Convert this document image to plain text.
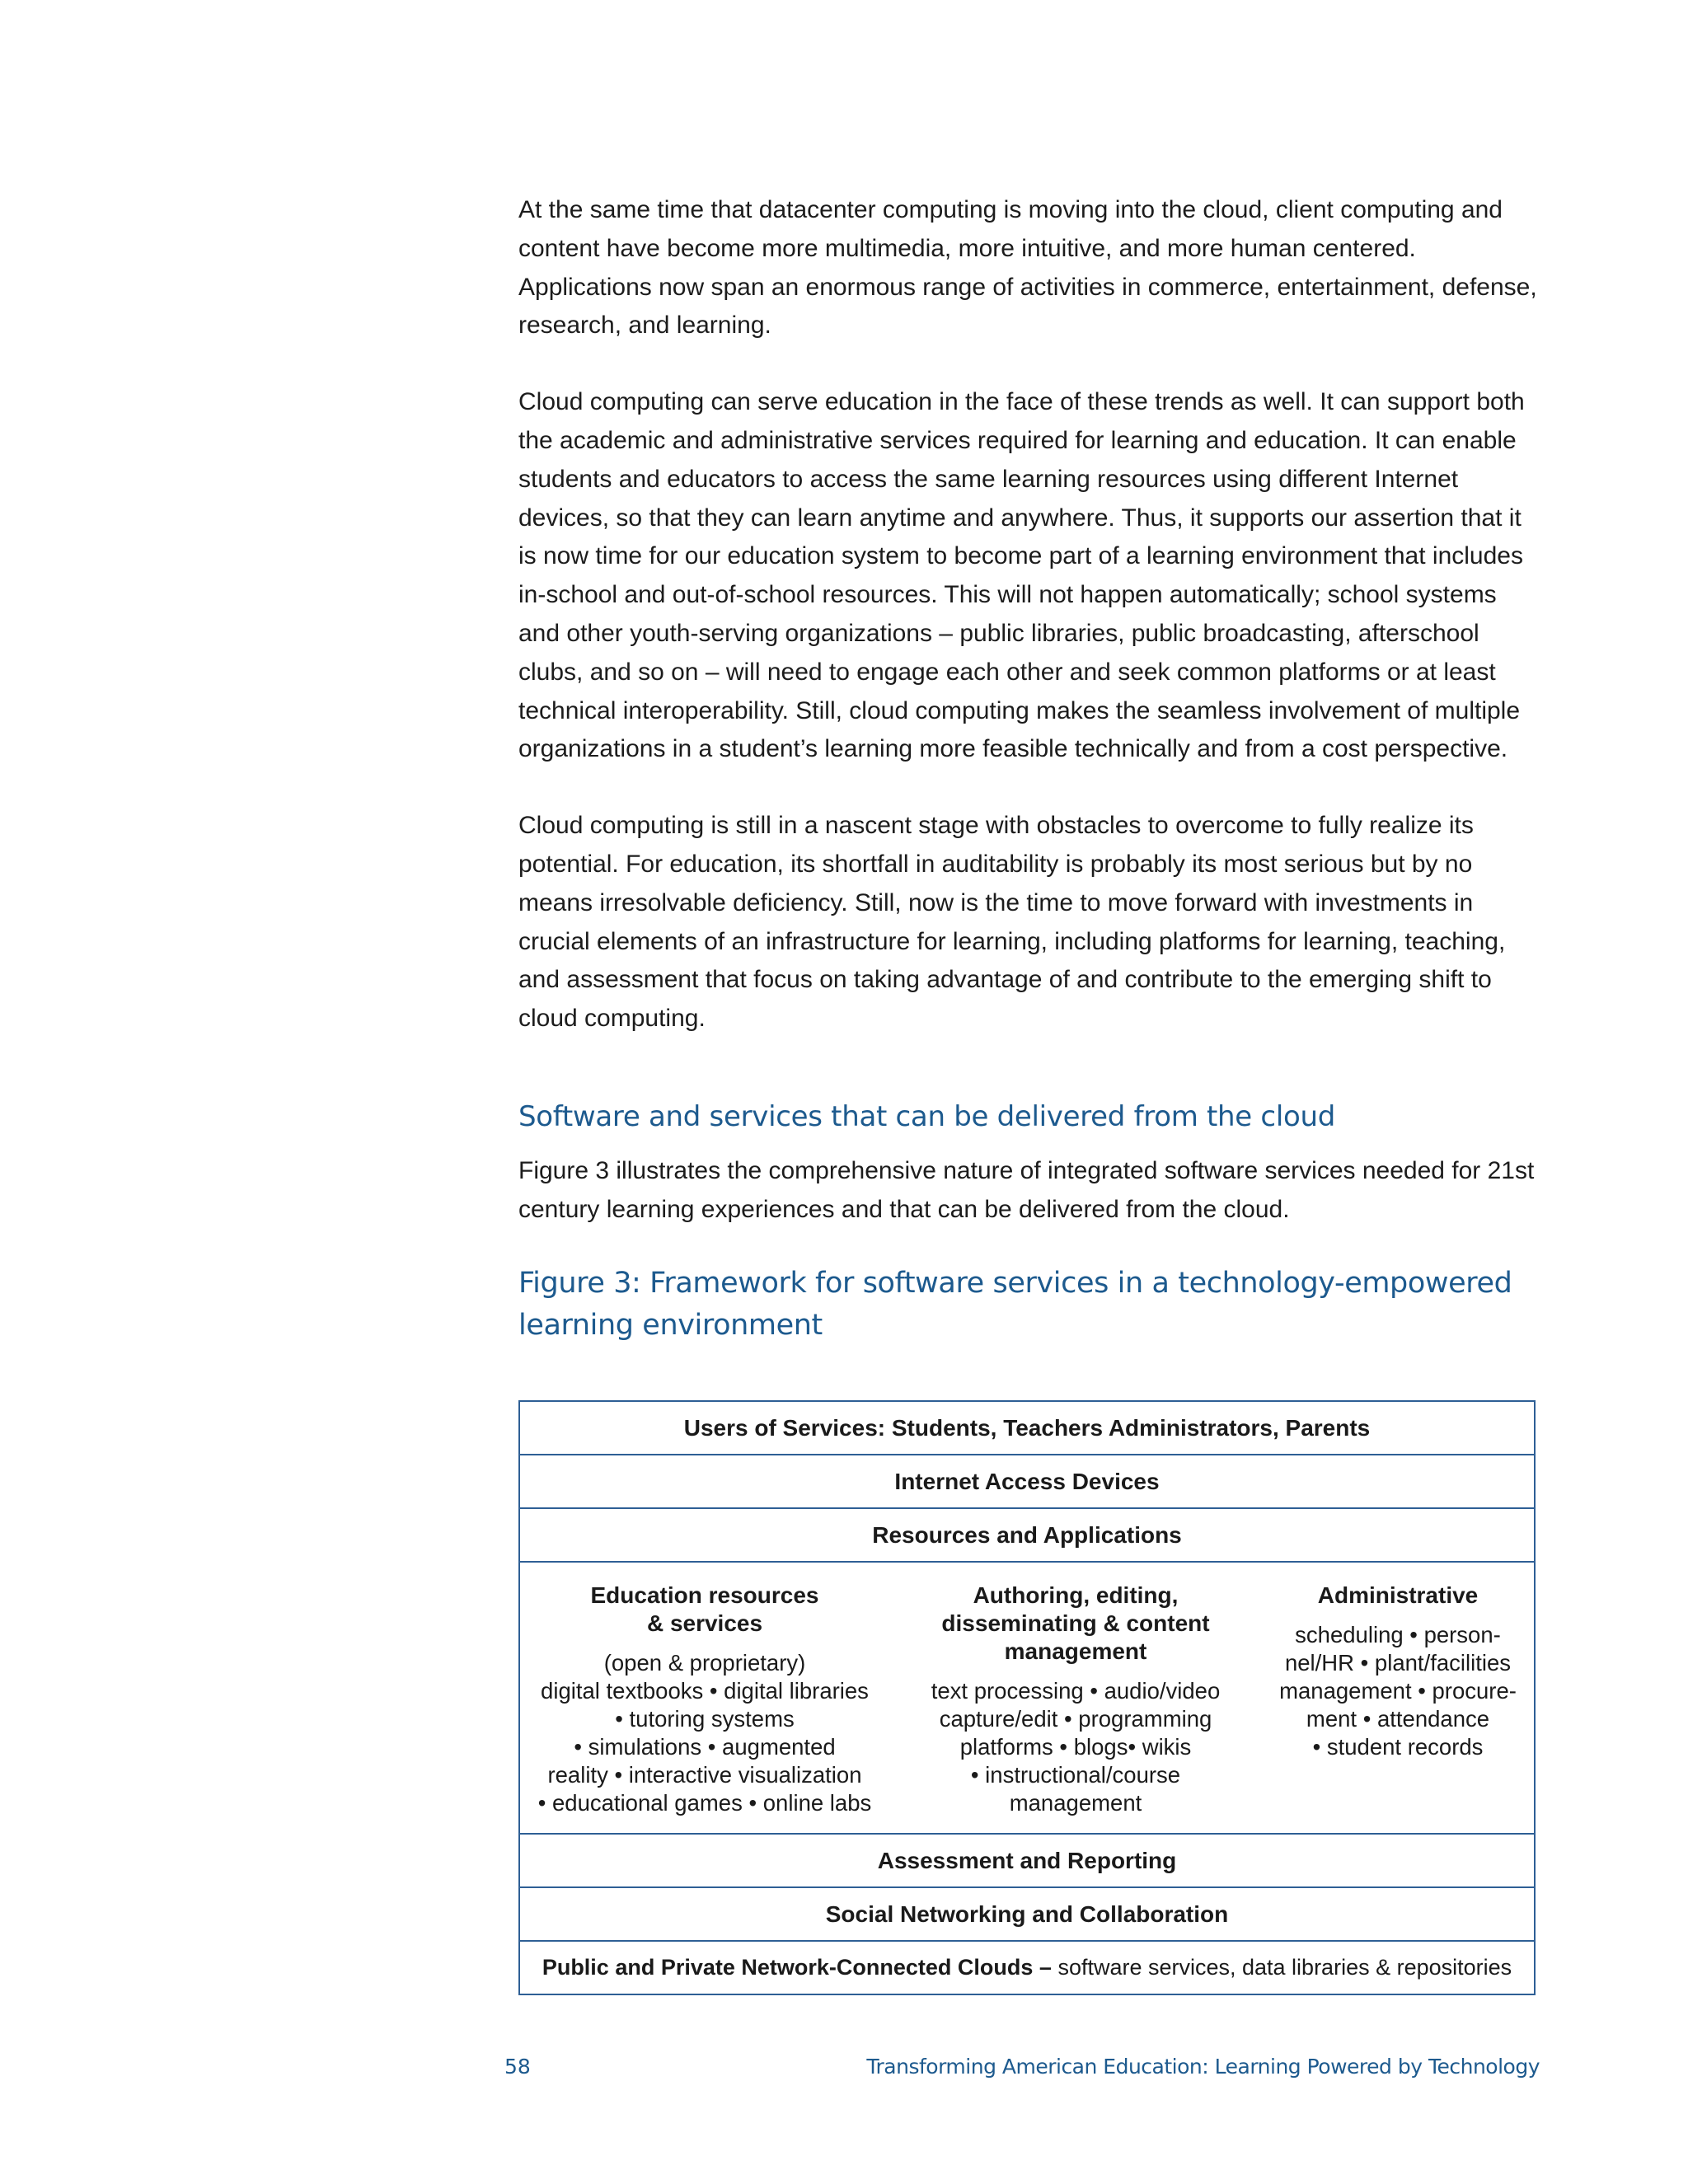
At the same time that datacenter computing is moving into the cloud, client computing and content have become more multimedia, more intuitive, and more human centered. Applications now span an enormous range of activities in commerce, entertainment, defense, research, and learning.

Cloud computing can serve education in the face of these trends as well. It can support both the academic and administrative services required for learning and education. It can enable students and educators to access the same learning resources using different Internet devices, so that they can learn anytime and anywhere. Thus, it supports our assertion that it is now time for our education system to become part of a learning environment that includes in-school and out-of-school resources. This will not happen automatically; school systems and other youth-serving organizations – public libraries, public broadcasting, afterschool clubs, and so on – will need to engage each other and seek common platforms or at least technical interoperability. Still, cloud computing makes the seamless involvement of multiple organizations in a student’s learning more feasible technically and from a cost perspective.

Cloud computing is still in a nascent stage with obstacles to overcome to fully realize its potential. For education, its shortfall in auditability is probably its most serious but by no means irresolvable deficiency. Still, now is the time to move forward with investments in crucial elements of an infrastructure for learning, including platforms for learning, teaching, and assessment that focus on taking advantage of and contribute to the emerging shift to cloud computing.

Software and services that can be delivered from the cloud

Figure 3 illustrates the comprehensive nature of integrated software services needed for 21st century learning experiences and that can be delivered from the cloud.

Figure 3: Framework for software services in a technology-empowered
learning environment
Users of Services: Students, Teachers Administrators, Parents
Internet Access Devices
Resources and Applications
Education resources
& services
(open & proprietary)
digital textbooks • digital libraries
• tutoring systems
• simulations • augmented
reality • interactive visualization
• educational games • online labs
Authoring, editing,
disseminating & content
management
text processing • audio/video
capture/edit • programming
platforms • blogs• wikis
• instructional/course
management
Administrative
scheduling • person-
nel/HR • plant/facilities
management • procure-
ment • attendance
• student records
Assessment and Reporting
Social Networking and Collaboration
Public and Private Network-Connected Clouds – software services, data libraries & repositories
58	Transforming American Education: Learning Powered by Technology
